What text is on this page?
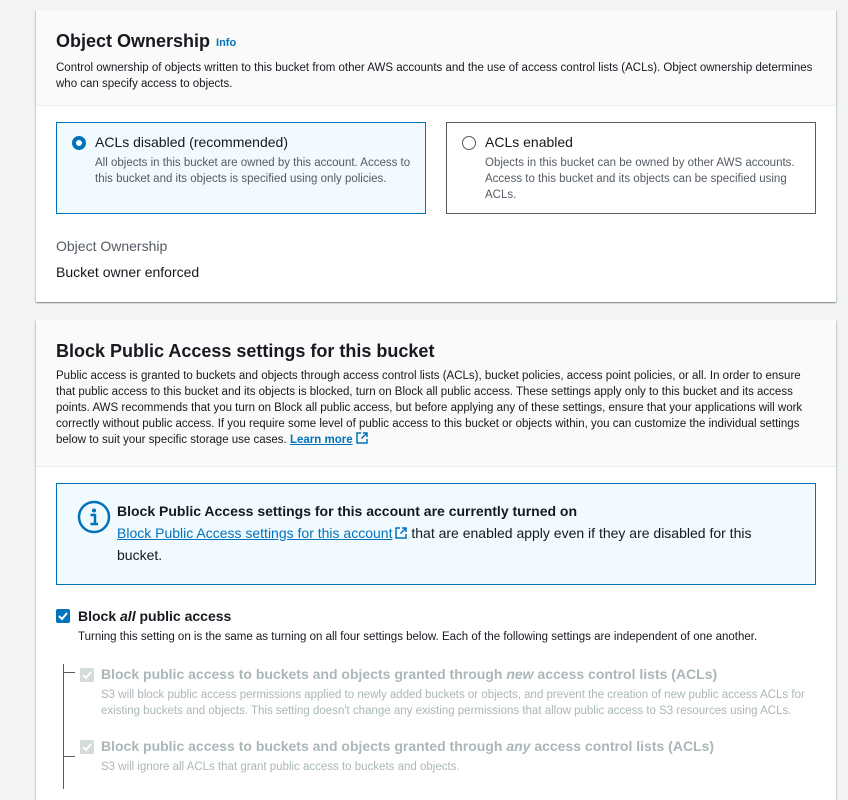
Object Ownership Info
Control ownership of objects written to this bucket from other AWS accounts and the use of access control lists (ACLs). Object ownership determines who can specify access to objects.
ACLs disabled (recommended)
All objects in this bucket are owned by this account. Access to this bucket and its objects is specified using only policies.
ACLs enabled
Objects in this bucket can be owned by other AWS accounts. Access to this bucket and its objects can be specified using ACLs.
Object Ownership
Bucket owner enforced
Block Public Access settings for this bucket
Public access is granted to buckets and objects through access control lists (ACLs), bucket policies, access point policies, or all. In order to ensure that public access to this bucket and its objects is blocked, turn on Block all public access. These settings apply only to this bucket and its access points. AWS recommends that you turn on Block all public access, but before applying any of these settings, ensure that your applications will work correctly without public access. If you require some level of public access to this bucket or objects within, you can customize the individual settings below to suit your specific storage use cases. Learn more
Block Public Access settings for this account are currently turned on
Block Public Access settings for this account that are enabled apply even if they are disabled for this bucket.
Block all public access
Turning this setting on is the same as turning on all four settings below. Each of the following settings are independent of one another.
Block public access to buckets and objects granted through new access control lists (ACLs)
S3 will block public access permissions applied to newly added buckets or objects, and prevent the creation of new public access ACLs for existing buckets and objects. This setting doesn't change any existing permissions that allow public access to S3 resources using ACLs.
Block public access to buckets and objects granted through any access control lists (ACLs)
S3 will ignore all ACLs that grant public access to buckets and objects.
